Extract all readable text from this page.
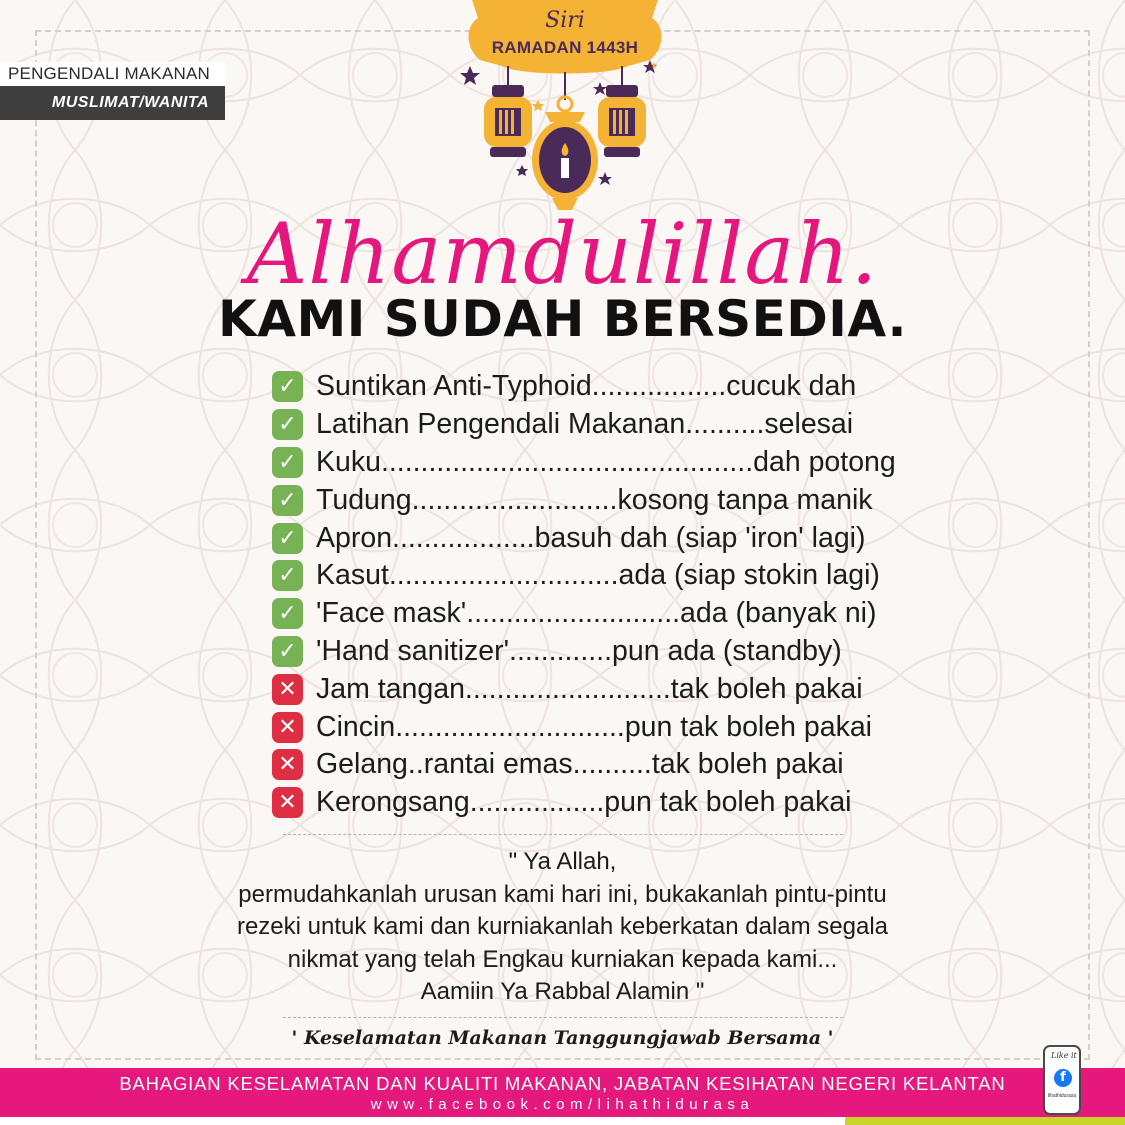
PENGENDALI MAKANAN
MUSLIMAT/WANITA
Siri
RAMADAN 1443H
Alhamdulillah.
KAMI SUDAH BERSEDIA.
✓ Suntikan Anti-Typhoid.................cucuk dah
✓ Latihan Pengendali Makanan..........selesai
✓ Kuku...............................................dah potong
✓ Tudung..........................kosong tanpa manik
✓ Apron..................basuh dah (siap 'iron' lagi)
✓ Kasut.............................ada (siap stokin lagi)
✓ 'Face mask'...........................ada (banyak ni)
✓ 'Hand sanitizer'.............pun ada (standby)
✕ Jam tangan..........................tak boleh pakai
✕ Cincin.............................pun tak boleh pakai
✕ Gelang..rantai emas..........tak boleh pakai
✕ Kerongsang.................pun tak boleh pakai
" Ya Allah,
permudahkanlah urusan kami hari ini, bukakanlah pintu-pintu
rezeki untuk kami dan kurniakanlah keberkatan dalam segala
nikmat yang telah Engkau kurniakan kepada kami...
Aamiin Ya Rabbal Alamin "
' Keselamatan Makanan Tanggungjawab Bersama '
BAHAGIAN KESELAMATAN DAN KUALITI MAKANAN, JABATAN KESIHATAN NEGERI KELANTAN
www.facebook.com/lihathidurasa
Like it
f
lihathidurasa
